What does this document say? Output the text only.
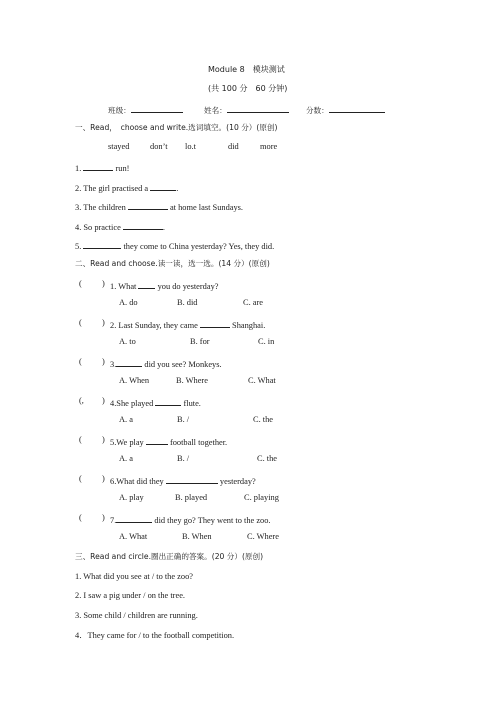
Module 8　模块测试
(共 100 分　60 分钟)
班级：	姓名：	分数：
一、Read，　choose and write.选词填空。(10 分）(原创)
stayed don’t lo.t	did	more
1.	run!
2. The girl practised a	.
3. The children	at home last Sundays.
4. So practice	.
5.	they come to China yesterday? Yes, they did.
二、Read and choose.读一读，选一选。(14 分）(原创)
( ) 1. What	you do yesterday?
A. do	B. did	C. are
( ) 2. Last Sunday, they came	Shanghai.
A. to	B. for	C. in
( ) 3.	did you see? Monkeys.
A. When	B. Where	C. What
(, ) 4.She played	flute.
A. a	B. /	C. the
( ) 5.We play	football together.
A. a	B. /	C. the
( ) 6.What did they	yesterday?
A. play	B. played	C. playing
( ) 7.	did they go? They went to the zoo.
A. What	B. When	C. Where
三、Read and circle.圈出正确的答案。(20 分）(原创)
1. What did you see at / to the zoo?
2. I saw a pig under / on the tree.
3. Some child / children are running.
4．They came for / to the football competition.
